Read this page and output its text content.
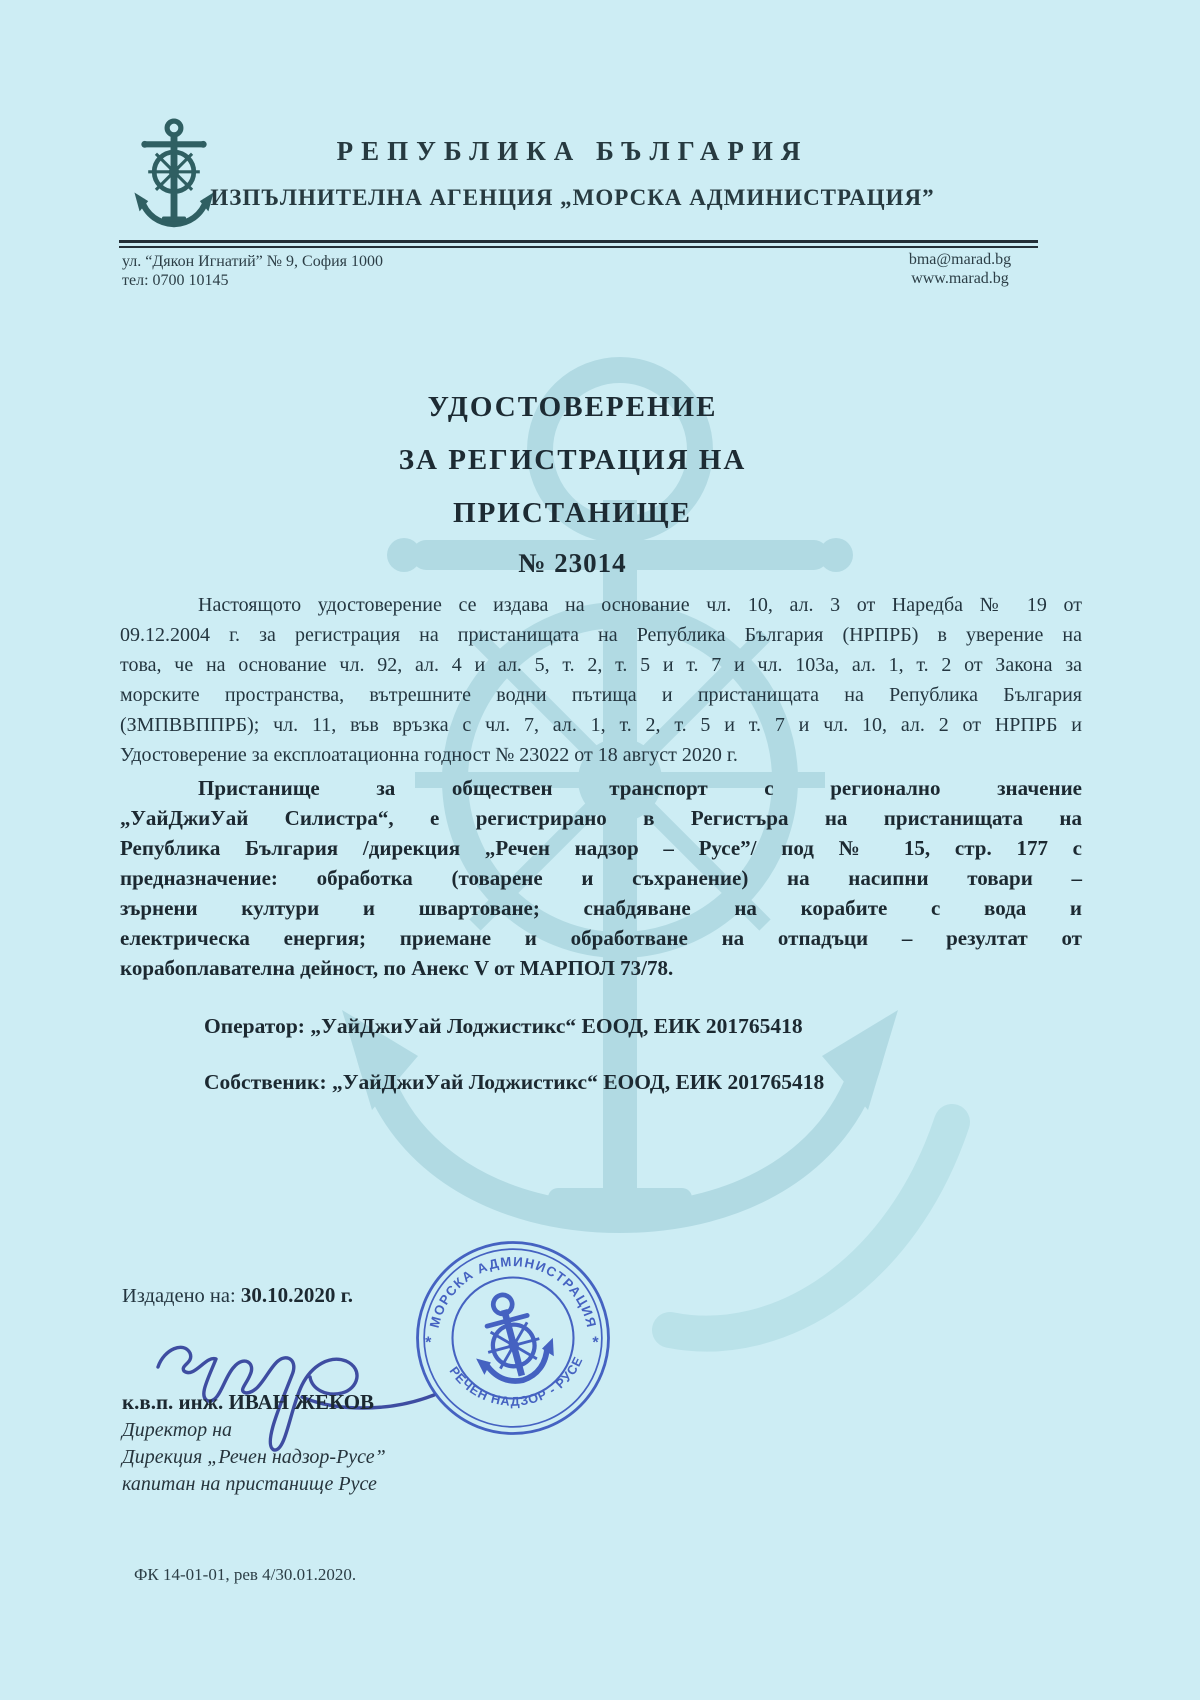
РЕПУБЛИКА БЪЛГАРИЯ
ИЗПЪЛНИТЕЛНА АГЕНЦИЯ „МОРСКА АДМИНИСТРАЦИЯ”
ул. “Дякон Игнатий” № 9, София 1000
тел: 0700 10145
bma@marad.bg
www.marad.bg
УДОСТОВЕРЕНИЕ
ЗА РЕГИСТРАЦИЯ НА
ПРИСТАНИЩЕ
№ 23014
Настоящото удостоверение се издава на основание чл. 10, ал. 3 от Наредба № 19 от
09.12.2004 г. за регистрация на пристанищата на Република България (НРПРБ) в уверение на
това, че на основание чл. 92, ал. 4 и ал. 5, т. 2, т. 5 и т. 7 и чл. 103а, ал. 1, т. 2 от Закона за
морските пространства, вътрешните водни пътища и пристанищата на Република България
(ЗМПВВППРБ); чл. 11, във връзка с чл. 7, ал. 1, т. 2, т. 5 и т. 7 и чл. 10, ал. 2 от НРПРБ и
Удостоверение за експлоатационна годност № 23022 от 18 август 2020 г.
Пристанище за обществен транспорт с регионално значение
„УайДжиУай Силистра“, е регистрирано в Регистъра на пристанищата на
Република България /дирекция „Речен надзор – Русе”/ под № 15, стр. 177 с
предназначение: обработка (товарене и съхранение) на насипни товари –
зърнени култури и швартоване; снабдяване на корабите с вода и
електрическа енергия; приемане и обработване на отпадъци – резултат от
корабоплавателна дейност, по Анекс V от МАРПОЛ 73/78.
Оператор: „УайДжиУай Лоджистикс“ ЕООД, ЕИК 201765418
Собственик: „УайДжиУай Лоджистикс“ ЕООД, ЕИК 201765418
Издадено на: 30.10.2020 г.
к.в.п. инж. ИВАН ЖЕКОВ
Директор на
Дирекция „Речен надзор-Русе”
капитан на пристанище Русе
МОРСКА АДМИНИСТРАЦИЯ
РЕЧЕН НАДЗОР - РУСЕ
*	*
ФК 14-01-01, рев 4/30.01.2020.
